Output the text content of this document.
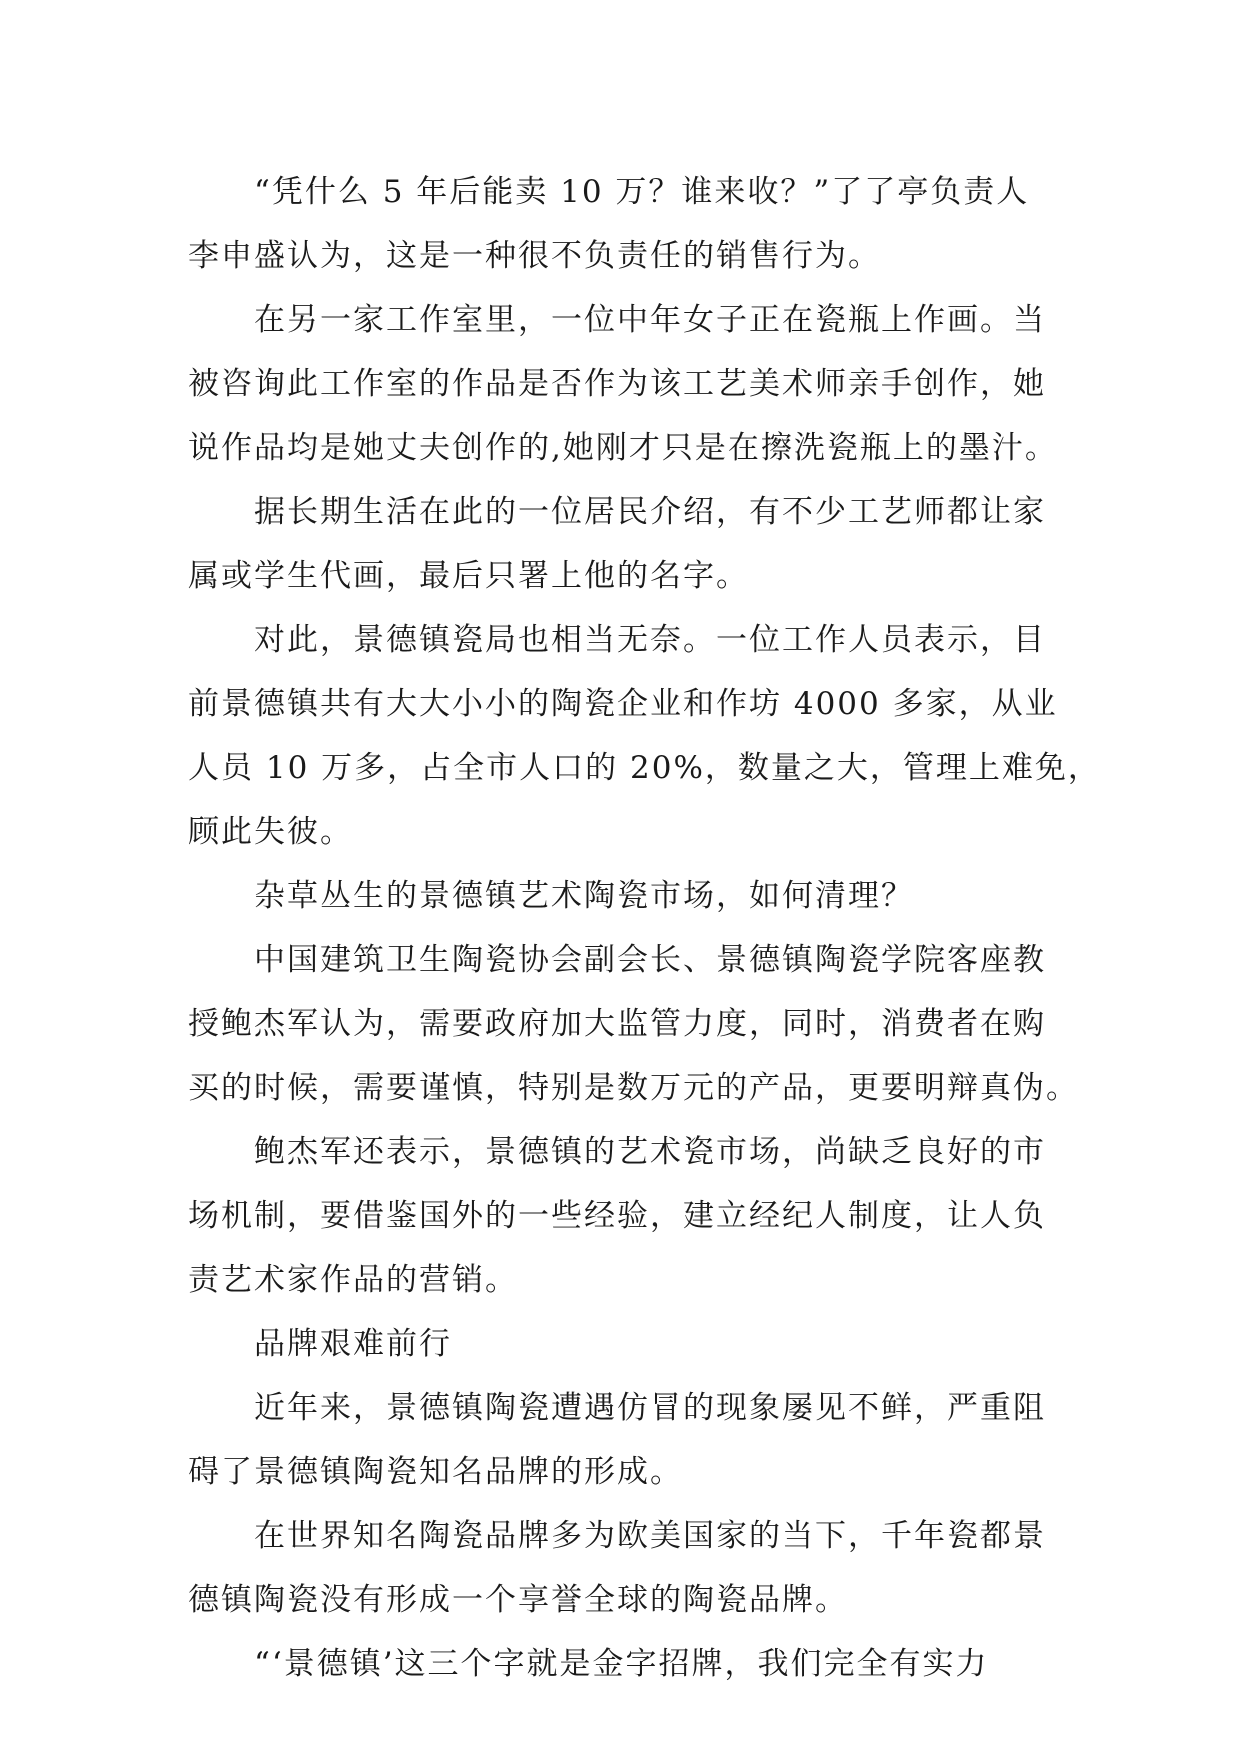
“凭什么 5 年后能卖 10 万？谁来收？”了了亭负责人
李申盛认为，这是一种很不负责任的销售行为。

在另一家工作室里，一位中年女子正在瓷瓶上作画。当
被咨询此工作室的作品是否作为该工艺美术师亲手创作，她
说作品均是她丈夫创作的,她刚才只是在擦洗瓷瓶上的墨汁。

据长期生活在此的一位居民介绍，有不少工艺师都让家
属或学生代画，最后只署上他的名字。

对此，景德镇瓷局也相当无奈。一位工作人员表示，目
前景德镇共有大大小小的陶瓷企业和作坊 4000 多家，从业
人员 10 万多，占全市人口的 20%，数量之大，管理上难免，
顾此失彼。

杂草丛生的景德镇艺术陶瓷市场，如何清理？

中国建筑卫生陶瓷协会副会长、景德镇陶瓷学院客座教
授鲍杰军认为，需要政府加大监管力度，同时，消费者在购
买的时候，需要谨慎，特别是数万元的产品，更要明辩真伪。

鲍杰军还表示，景德镇的艺术瓷市场，尚缺乏良好的市
场机制，要借鉴国外的一些经验，建立经纪人制度，让人负
责艺术家作品的营销。

品牌艰难前行

近年来，景德镇陶瓷遭遇仿冒的现象屡见不鲜，严重阻
碍了景德镇陶瓷知名品牌的形成。

在世界知名陶瓷品牌多为欧美国家的当下，千年瓷都景
德镇陶瓷没有形成一个享誉全球的陶瓷品牌。

“‘景德镇’这三个字就是金字招牌，我们完全有实力
